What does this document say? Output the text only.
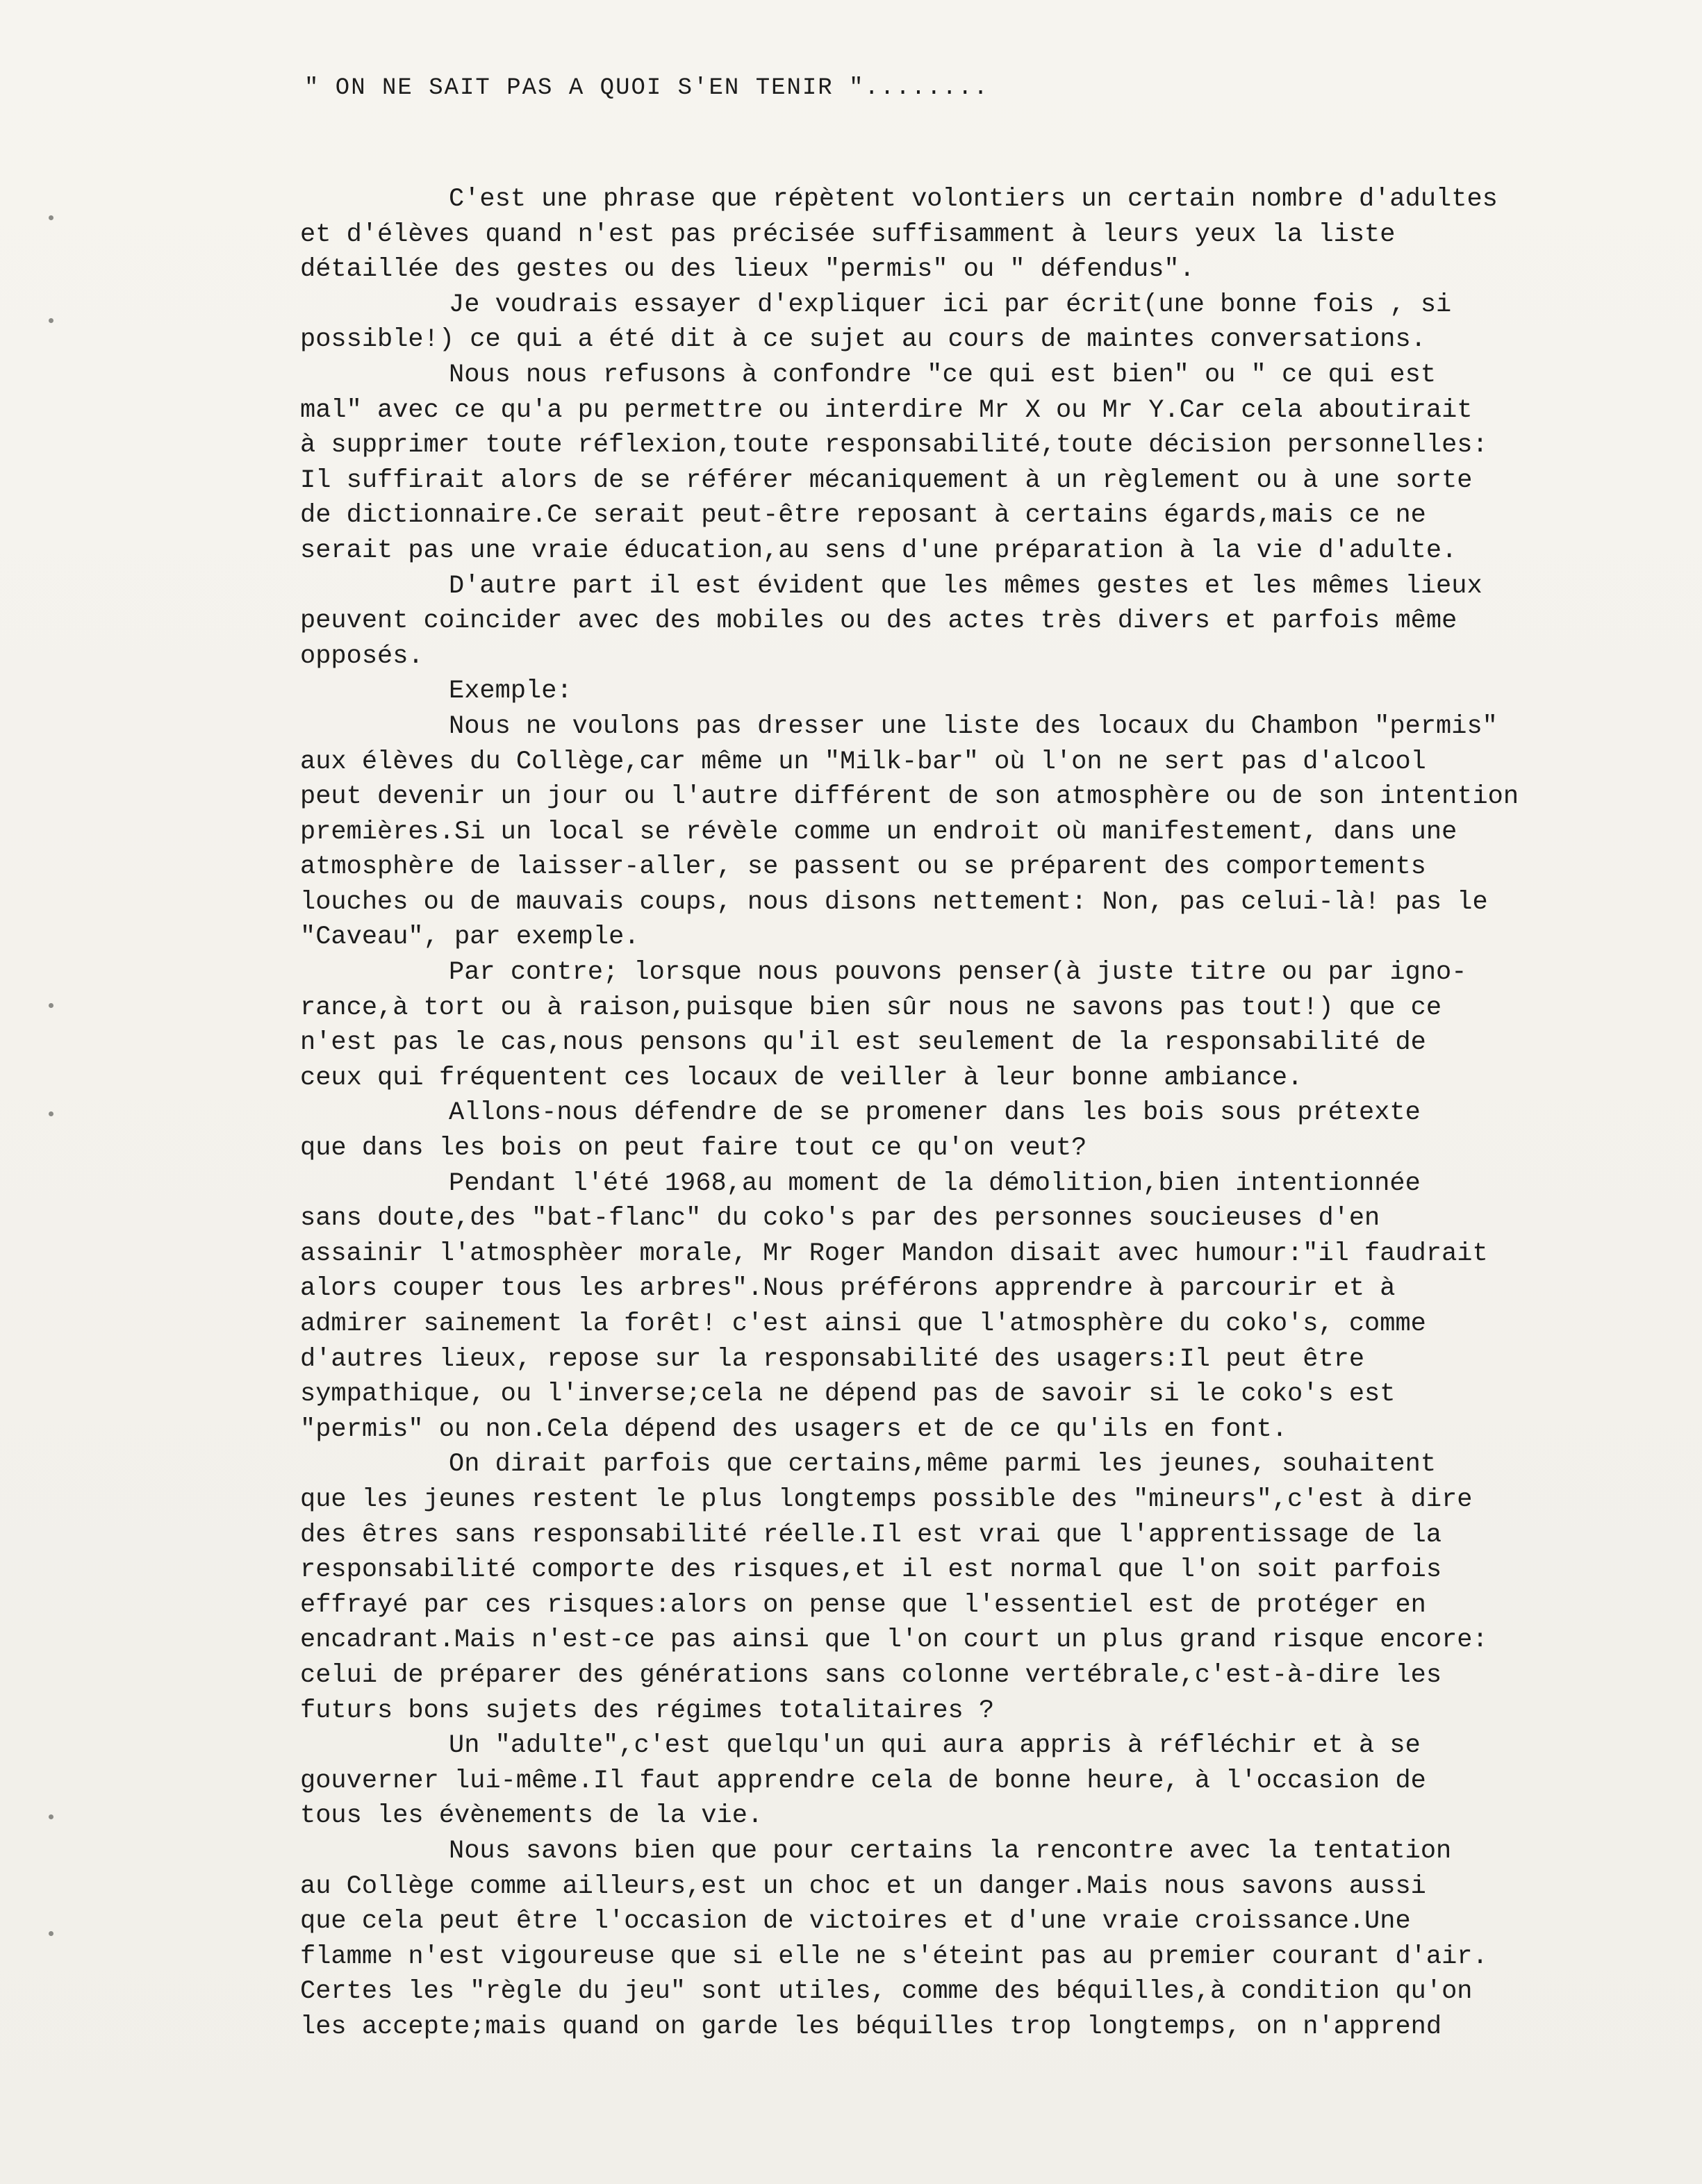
" ON NE SAIT PAS A QUOI S'EN TENIR "........
C'est une phrase que répètent volontiers un certain nombre d'adultes
et d'élèves quand n'est pas précisée suffisamment à leurs yeux la liste
détaillée des gestes ou des lieux "permis" ou " défendus".
Je voudrais essayer d'expliquer ici par écrit(une bonne fois , si
possible!) ce qui a été dit à ce sujet au cours de maintes conversations.
Nous nous refusons à confondre "ce qui est bien" ou " ce qui est
mal" avec ce qu'a pu permettre ou interdire Mr X ou Mr Y.Car cela aboutirait
à supprimer toute réflexion,toute responsabilité,toute décision personnelles:
Il suffirait alors de se référer mécaniquement à un règlement ou à une sorte
de dictionnaire.Ce serait peut-être reposant à certains égards,mais ce ne
serait pas une vraie éducation,au sens d'une préparation à la vie d'adulte.
D'autre part il est évident que les mêmes gestes et les mêmes lieux
peuvent coincider avec des mobiles ou des actes très divers et parfois même
opposés.
Exemple:
Nous ne voulons pas dresser une liste des locaux du Chambon "permis"
aux élèves du Collège,car même un "Milk-bar" où l'on ne sert pas d'alcool
peut devenir un jour ou l'autre différent de son atmosphère ou de son intention
premières.Si un local se révèle comme un endroit où manifestement, dans une
atmosphère de laisser-aller, se passent ou se préparent des comportements
louches ou de mauvais coups, nous disons nettement: Non, pas celui-là! pas le
"Caveau", par exemple.
Par contre; lorsque nous pouvons penser(à juste titre ou par igno-
rance,à tort ou à raison,puisque bien sûr nous ne savons pas tout!) que ce
n'est pas le cas,nous pensons qu'il est seulement de la responsabilité de
ceux qui fréquentent ces locaux de veiller à leur bonne ambiance.
Allons-nous défendre de se promener dans les bois sous prétexte
que dans les bois on peut faire tout ce qu'on veut?
Pendant l'été 1968,au moment de la démolition,bien intentionnée
sans doute,des "bat-flanc" du coko's par des personnes soucieuses d'en
assainir l'atmosphèer morale, Mr Roger Mandon disait avec humour:"il faudrait
alors couper tous les arbres".Nous préférons apprendre à parcourir et à
admirer sainement la forêt! c'est ainsi que l'atmosphère du coko's, comme
d'autres lieux, repose sur la responsabilité des usagers:Il peut être
sympathique, ou l'inverse;cela ne dépend pas de savoir si le coko's est
"permis" ou non.Cela dépend des usagers et de ce qu'ils en font.
On dirait parfois que certains,même parmi les jeunes, souhaitent
que les jeunes restent le plus longtemps possible des "mineurs",c'est à dire
des êtres sans responsabilité réelle.Il est vrai que l'apprentissage de la
responsabilité comporte des risques,et il est normal que l'on soit parfois
effrayé par ces risques:alors on pense que l'essentiel est de protéger en
encadrant.Mais n'est-ce pas ainsi que l'on court un plus grand risque encore:
celui de préparer des générations sans colonne vertébrale,c'est-à-dire les
futurs bons sujets des régimes totalitaires ?
Un "adulte",c'est quelqu'un qui aura appris à réfléchir et à se
gouverner lui-même.Il faut apprendre cela de bonne heure, à l'occasion de
tous les évènements de la vie.
Nous savons bien que pour certains la rencontre avec la tentation
au Collège comme ailleurs,est un choc et un danger.Mais nous savons aussi
que cela peut être l'occasion de victoires et d'une vraie croissance.Une
flamme n'est vigoureuse que si elle ne s'éteint pas au premier courant d'air.
Certes les "règle du jeu" sont utiles, comme des béquilles,à condition qu'on
les accepte;mais quand on garde les béquilles trop longtemps, on n'apprend
